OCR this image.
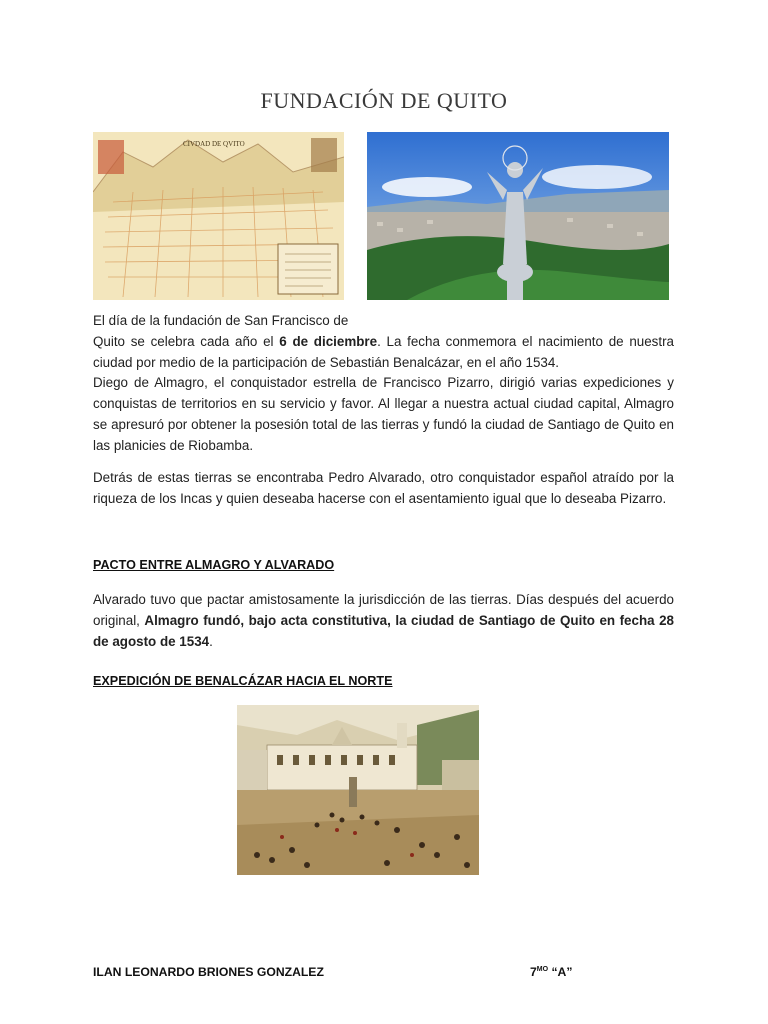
FUNDACIÓN DE QUITO
CIVDAD DE QVITO

El día de la fundación de San Francisco de

Quito se celebra cada año el 6 de diciembre. La fecha conmemora el nacimiento de nuestra ciudad por medio de la participación de Sebastián Benalcázar, en el año 1534.

Diego de Almagro, el conquistador estrella de Francisco Pizarro, dirigió varias expediciones y conquistas de territorios en su servicio y favor. Al llegar a nuestra actual ciudad capital, Almagro se apresuró por obtener la posesión total de las tierras y fundó la ciudad de Santiago de Quito en las planicies de Riobamba.

Detrás de estas tierras se encontraba Pedro Alvarado, otro conquistador español atraído por la riqueza de los Incas y quien deseaba hacerse con el asentamiento igual que lo deseaba Pizarro.
PACTO ENTRE ALMAGRO Y ALVARADO
Alvarado tuvo que pactar amistosamente la jurisdicción de las tierras. Días después del acuerdo original, Almagro fundó, bajo acta constitutiva, la ciudad de Santiago de Quito en fecha 28 de agosto de 1534.
EXPEDICIÓN DE BENALCÁZAR HACIA EL NORTE
ILAN LEONARDO BRIONES GONZALEZ	$7^{MO}$ “A”
